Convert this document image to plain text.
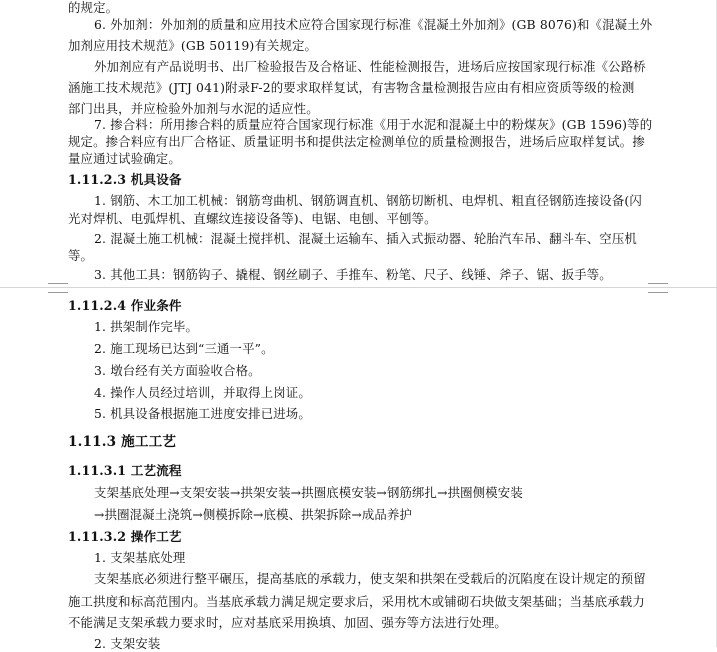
的规定。
6. 外加剂：外加剂的质量和应用技术应符合国家现行标准《混凝土外加剂》(GB 8076)和《混凝土外
加剂应用技术规范》(GB 50119)有关规定。
外加剂应有产品说明书、出厂检验报告及合格证、性能检测报告，进场后应按国家现行标准《公路桥
涵施工技术规范》(JTJ 041)附录F-2的要求取样复试，有害物含量检测报告应由有相应资质等级的检测
部门出具，并应检验外加剂与水泥的适应性。
7. 掺合料：所用掺合料的质量应符合国家现行标准《用于水泥和混凝土中的粉煤灰》(GB 1596)等的
规定。掺合料应有出厂合格证、质量证明书和提供法定检测单位的质量检测报告，进场后应取样复试。掺
量应通过试验确定。
1.11.2.3 机具设备
1. 钢筋、木工加工机械：钢筋弯曲机、钢筋调直机、钢筋切断机、电焊机、粗直径钢筋连接设备(闪
光对焊机、电弧焊机、直螺纹连接设备等)、电锯、电刨、平刨等。
2. 混凝土施工机械：混凝土搅拌机、混凝土运输车、插入式振动器、轮胎汽车吊、翻斗车、空压机
等。
3. 其他工具：钢筋钩子、撬棍、钢丝刷子、手推车、粉笔、尺子、线锤、斧子、锯、扳手等。
1.11.2.4 作业条件
1. 拱架制作完毕。
2. 施工现场已达到“三通一平”。
3. 墩台经有关方面验收合格。
4. 操作人员经过培训，并取得上岗证。
5. 机具设备根据施工进度安排已进场。
1.11.3 施工工艺
1.11.3.1 工艺流程
支架基底处理→支架安装→拱架安装→拱圈底模安装→钢筋绑扎→拱圈侧模安装
→拱圈混凝土浇筑→侧模拆除→底模、拱架拆除→成品养护
1.11.3.2 操作工艺
1. 支架基底处理
支架基底必须进行整平碾压，提高基底的承载力，使支架和拱架在受载后的沉陷度在设计规定的预留
施工拱度和标高范围内。当基底承载力满足规定要求后，采用枕木或铺砌石块做支架基础；当基底承载力
不能满足支架承载力要求时，应对基底采用换填、加固、强夯等方法进行处理。
2. 支架安装
